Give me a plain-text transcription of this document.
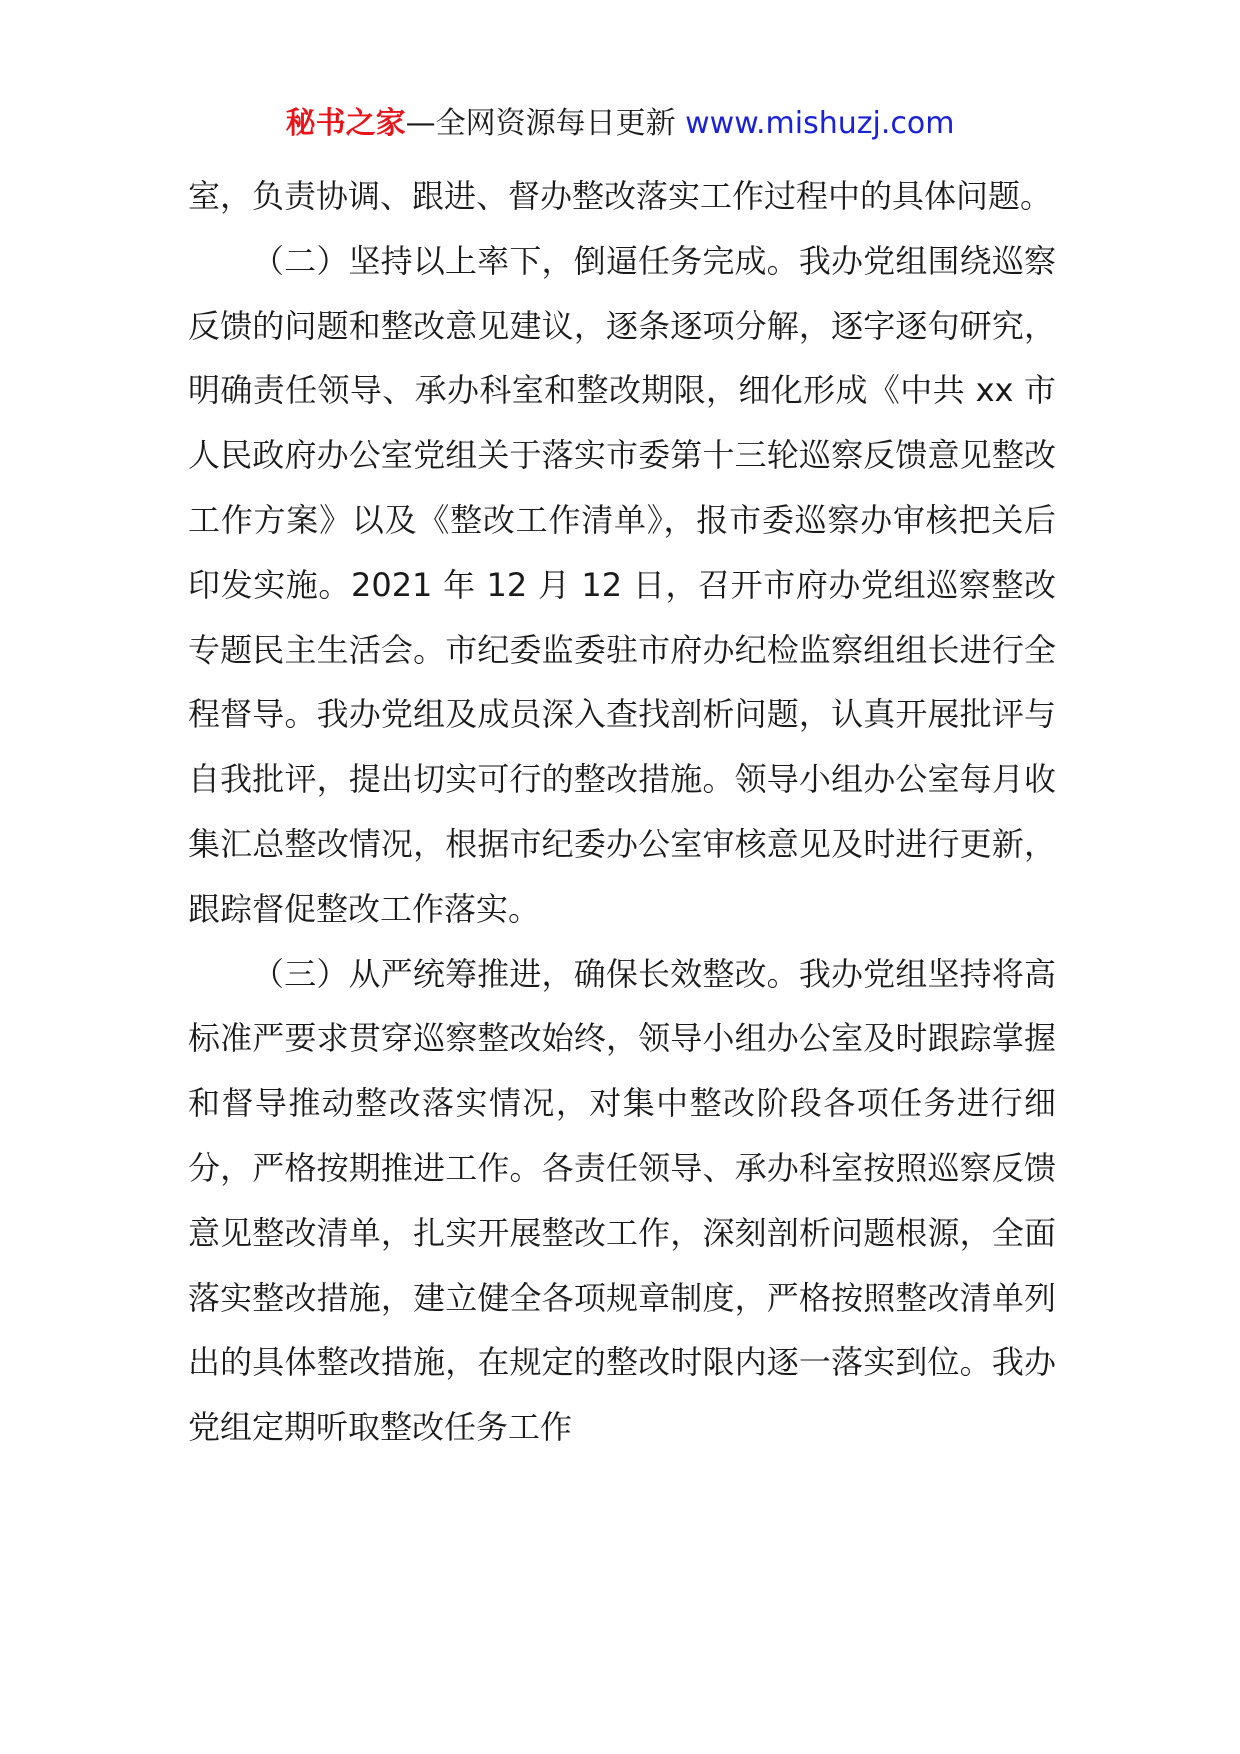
秘书之家—全网资源每日更新 www.mishuzj.com

室，负责协调、跟进、督办整改落实工作过程中的具体问题。

（二）坚持以上率下，倒逼任务完成。我办党组围绕巡察反馈的问题和整改意见建议，逐条逐项分解，逐字逐句研究，明确责任领导、承办科室和整改期限，细化形成《中共 xx 市人民政府办公室党组关于落实市委第十三轮巡察反馈意见整改工作方案》以及《整改工作清单》，报市委巡察办审核把关后印发实施。2021 年 12 月 12 日，召开市府办党组巡察整改专题民主生活会。市纪委监委驻市府办纪检监察组组长进行全程督导。我办党组及成员深入查找剖析问题，认真开展批评与自我批评，提出切实可行的整改措施。领导小组办公室每月收集汇总整改情况，根据市纪委办公室审核意见及时进行更新，跟踪督促整改工作落实。

（三）从严统筹推进，确保长效整改。我办党组坚持将高标准严要求贯穿巡察整改始终，领导小组办公室及时跟踪掌握和督导推动整改落实情况，对集中整改阶段各项任务进行细分，严格按期推进工作。各责任领导、承办科室按照巡察反馈意见整改清单，扎实开展整改工作，深刻剖析问题根源，全面落实整改措施，建立健全各项规章制度，严格按照整改清单列出的具体整改措施，在规定的整改时限内逐一落实到位。我办党组定期听取整改任务工作
